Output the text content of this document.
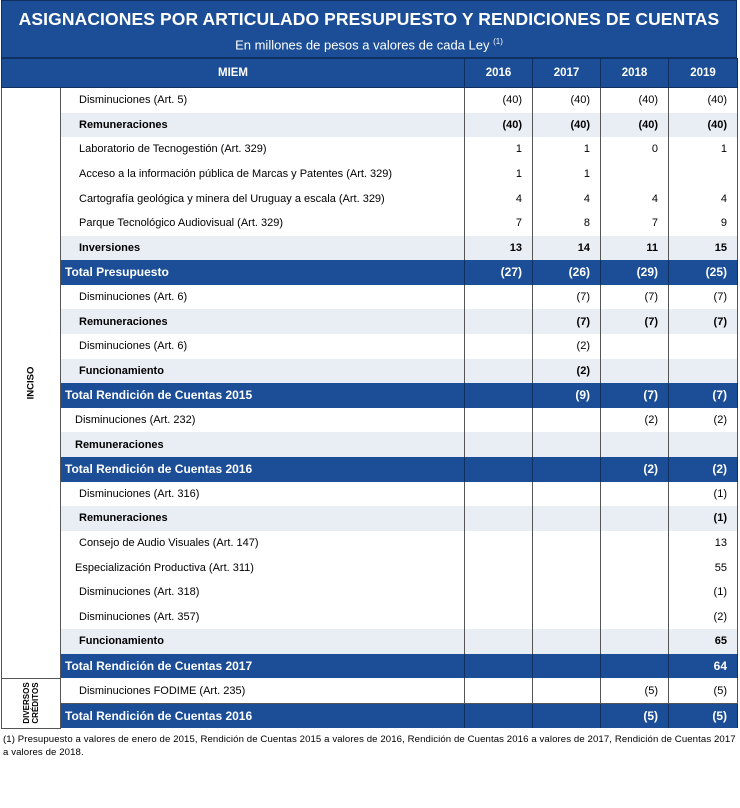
ASIGNACIONES POR ARTICULADO PRESUPUESTO Y RENDICIONES DE CUENTAS
En millones de pesos a valores de cada Ley $^{(1)}$
MIEM		2016	2017	2018	2019

INCISO	Disminuciones (Art. 5)	(40)	(40)	(40)	(40)
	Remuneraciones	(40)	(40)	(40)	(40)
	Laboratorio de Tecnogestión (Art. 329)	1	1	0	1
	Acceso a la información pública de Marcas y Patentes (Art. 329)	1	1		
	Cartografía geológica y minera del Uruguay a escala (Art. 329)	4	4	4	4
	Parque Tecnológico Audiovisual (Art. 329)	7	8	7	9
	Inversiones	13	14	11	15
	Total Presupuesto	(27)	(26)	(29)	(25)
	Disminuciones (Art. 6)		(7)	(7)	(7)
	Remuneraciones		(7)	(7)	(7)
	Disminuciones (Art. 6)		(2)		
	Funcionamiento		(2)		
	Total Rendición de Cuentas 2015		(9)	(7)	(7)
	Disminuciones (Art. 232)			(2)	(2)
	Remuneraciones				
	Total Rendición de Cuentas 2016			(2)	(2)
	Disminuciones (Art. 316)				(1)
	Remuneraciones				(1)
	Consejo de Audio Visuales (Art. 147)				13
	Especialización Productiva (Art. 311)				55
	Disminuciones (Art. 318)				(1)
	Disminuciones (Art. 357)				(2)
	Funcionamiento				65
	Total Rendición de Cuentas 2017				64

DIVERSOS
CRÉDITOS	Disminuciones FODIME (Art. 235)			(5)	(5)
	Total Rendición de Cuentas 2016			(5)	(5)
(1) Presupuesto a valores de enero de 2015, Rendición de Cuentas 2015 a valores de 2016, Rendición de Cuentas 2016 a valores de 2017, Rendición de Cuentas 2017 a valores de 2018.
